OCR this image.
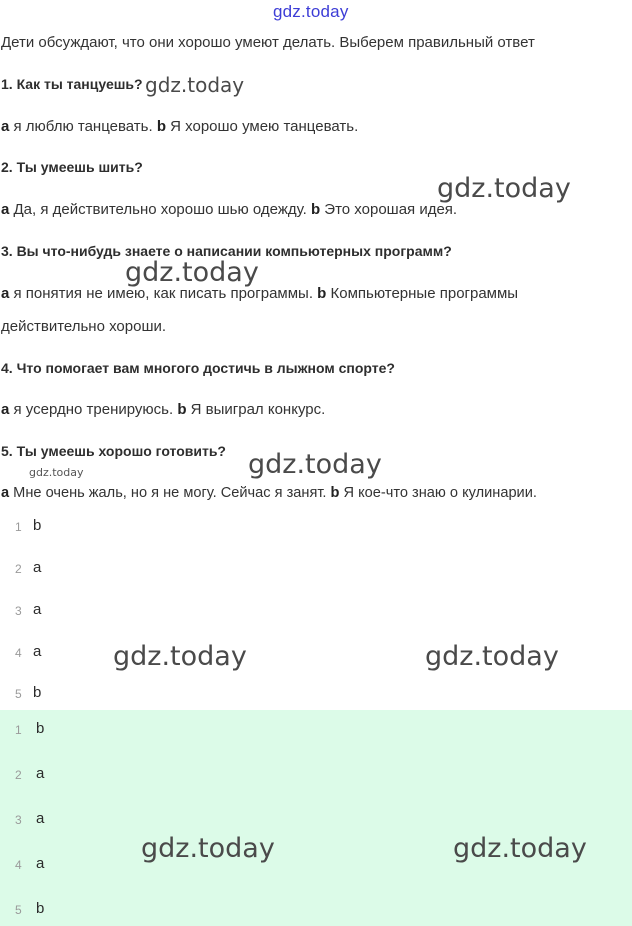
gdz.today
Дети обсуждают, что они хорошо умеют делать. Выберем правильный ответ
1. Как ты танцуешь?
a я люблю танцевать. b Я хорошо умею танцевать.
2. Ты умеешь шить?
a Да, я действительно хорошо шью одежду. b Это хорошая идея.
3. Вы что-нибудь знаете о написании компьютерных программ?
a я понятия не имею, как писать программы. b Компьютерные программы
действительно хороши.
4. Что помогает вам многого достичь в лыжном спорте?
a я усердно тренируюсь. b Я выиграл конкурс.
5. Ты умеешь хорошо готовить?
a Мне очень жаль, но я не могу. Сейчас я занят. b Я кое-что знаю о кулинарии.
1 b
2 a
3 a
4 a
5 b
1 b
2 a
3 a
4 a
5 b
gdz.today
gdz.today
gdz.today
gdz.today
gdz.today
gdz.today	gdz.today
gdz.today	gdz.today
